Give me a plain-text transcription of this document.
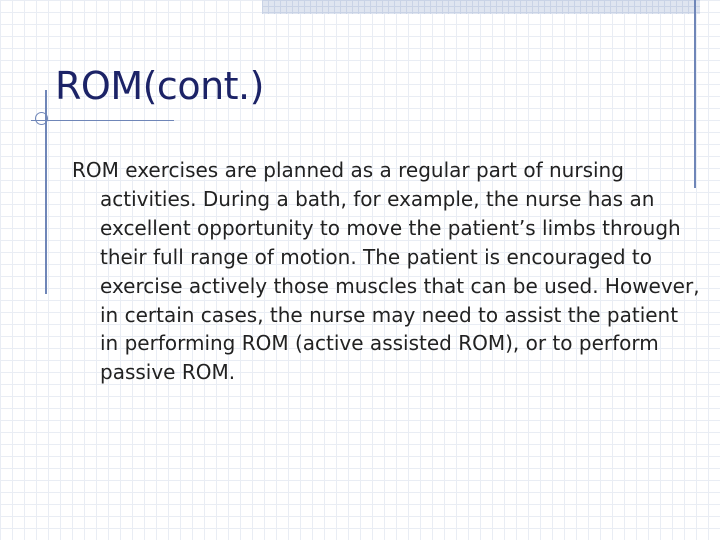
ROM(cont.)

ROM exercises are planned as a regular part of nursing activities. During a bath, for example, the nurse has an excellent opportunity to move the patient’s limbs through their full range of motion. The patient is encouraged to exercise actively those muscles that can be used. However, in certain cases, the nurse may need to assist the patient in performing ROM (active assisted ROM), or to perform passive ROM.
